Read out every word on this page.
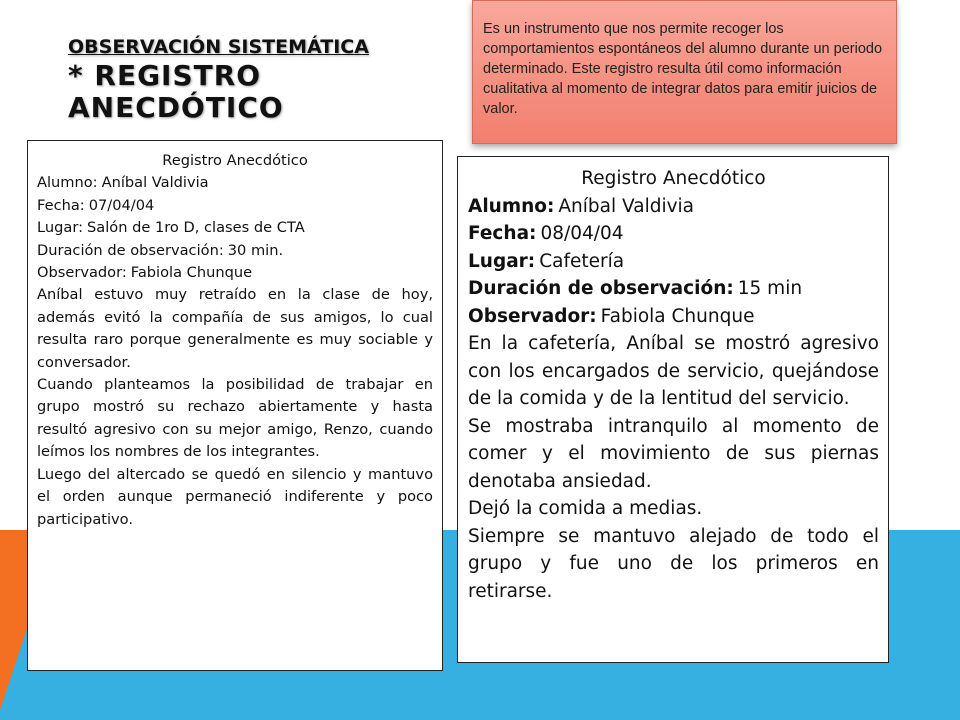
OBSERVACIÓN SISTEMÁTICA
* REGISTRO ANECDÓTICO
Es un instrumento que nos permite recoger los comportamientos espontáneos del alumno durante un periodo determinado. Este registro resulta útil como información cualitativa al momento de integrar datos para emitir juicios de valor.
Registro Anecdótico
Alumno: Aníbal Valdivia
Fecha: 07/04/04
Lugar: Salón de 1ro D, clases de CTA
Duración de observación: 30 min.
Observador: Fabiola Chunque

Aníbal estuvo muy retraído en la clase de hoy, además evitó la compañía de sus amigos, lo cual resulta raro porque generalmente es muy sociable y conversador.

Cuando planteamos la posibilidad de trabajar en grupo mostró su rechazo abiertamente y hasta resultó agresivo con su mejor amigo, Renzo, cuando leímos los nombres de los integrantes.

Luego del altercado se quedó en silencio y mantuvo el orden aunque permaneció indiferente y poco participativo.

Registro Anecdótico
Alumno: Aníbal Valdivia
Fecha: 08/04/04
Lugar: Cafetería
Duración de observación: 15 min
Observador: Fabiola Chunque

En la cafetería, Aníbal se mostró agresivo con los encargados de servicio, quejándose de la comida y de la lentitud del servicio.

Se mostraba intranquilo al momento de comer y el movimiento de sus piernas denotaba ansiedad.

Dejó la comida a medias.

Siempre se mantuvo alejado de todo el grupo y fue uno de los primeros en retirarse.
